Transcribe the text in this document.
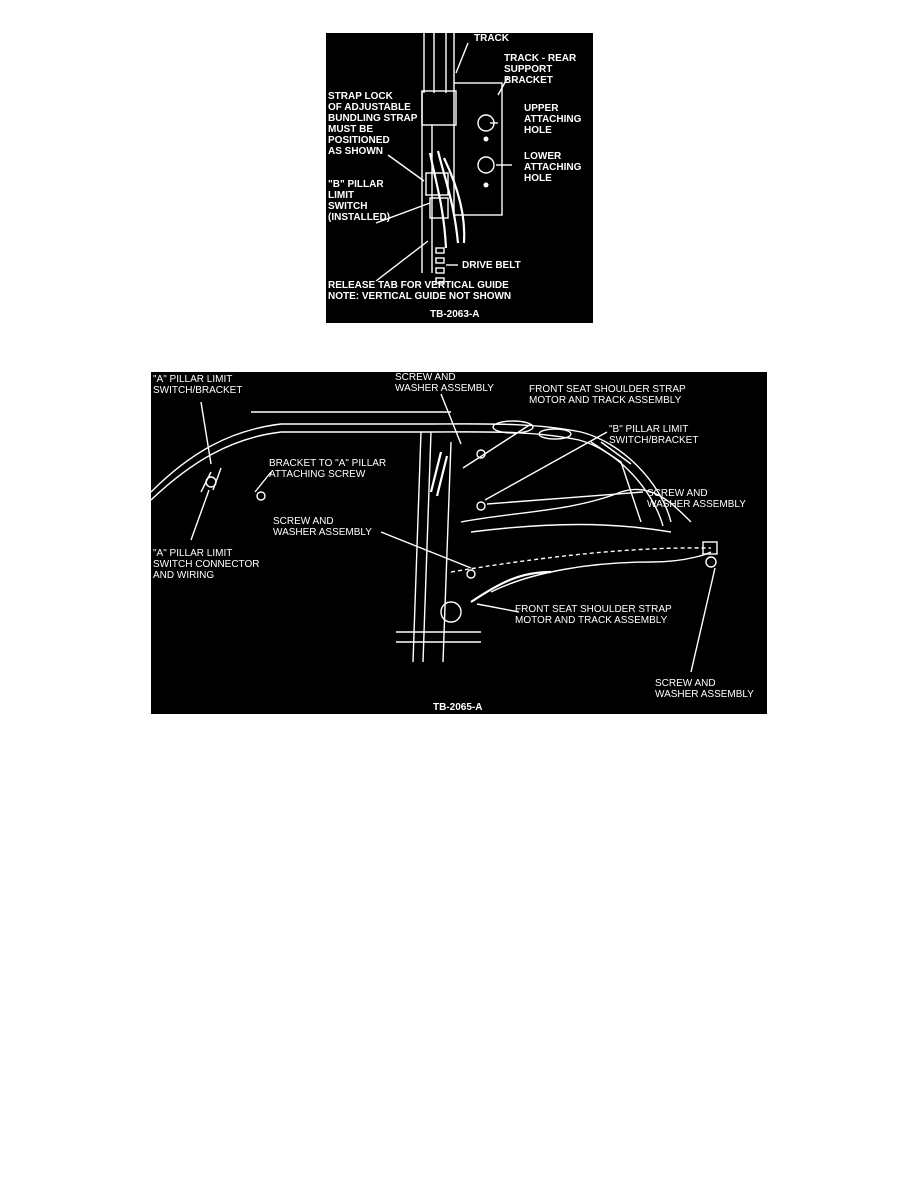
TRACK
TRACK - REAR
SUPPORT
BRACKET
STRAP LOCK
OF ADJUSTABLE
BUNDLING STRAP
MUST BE
POSITIONED
AS SHOWN
UPPER
ATTACHING
HOLE
LOWER
ATTACHING
HOLE
"B" PILLAR
LIMIT
SWITCH
(INSTALLED)
DRIVE BELT
RELEASE TAB FOR VERTICAL GUIDE
NOTE: VERTICAL GUIDE NOT SHOWN
TB-2063-A
"A" PILLAR LIMIT
SWITCH/BRACKET
SCREW AND
WASHER ASSEMBLY	FRONT SEAT SHOULDER STRAP
MOTOR AND TRACK ASSEMBLY
"B" PILLAR LIMIT
SWITCH/BRACKET
BRACKET TO "A" PILLAR
ATTACHING SCREW
SCREW AND
WASHER ASSEMBLY
SCREW AND
WASHER ASSEMBLY
"A" PILLAR LIMIT
SWITCH CONNECTOR
AND WIRING
FRONT SEAT SHOULDER STRAP
MOTOR AND TRACK ASSEMBLY
SCREW AND
WASHER ASSEMBLY
TB-2065-A
